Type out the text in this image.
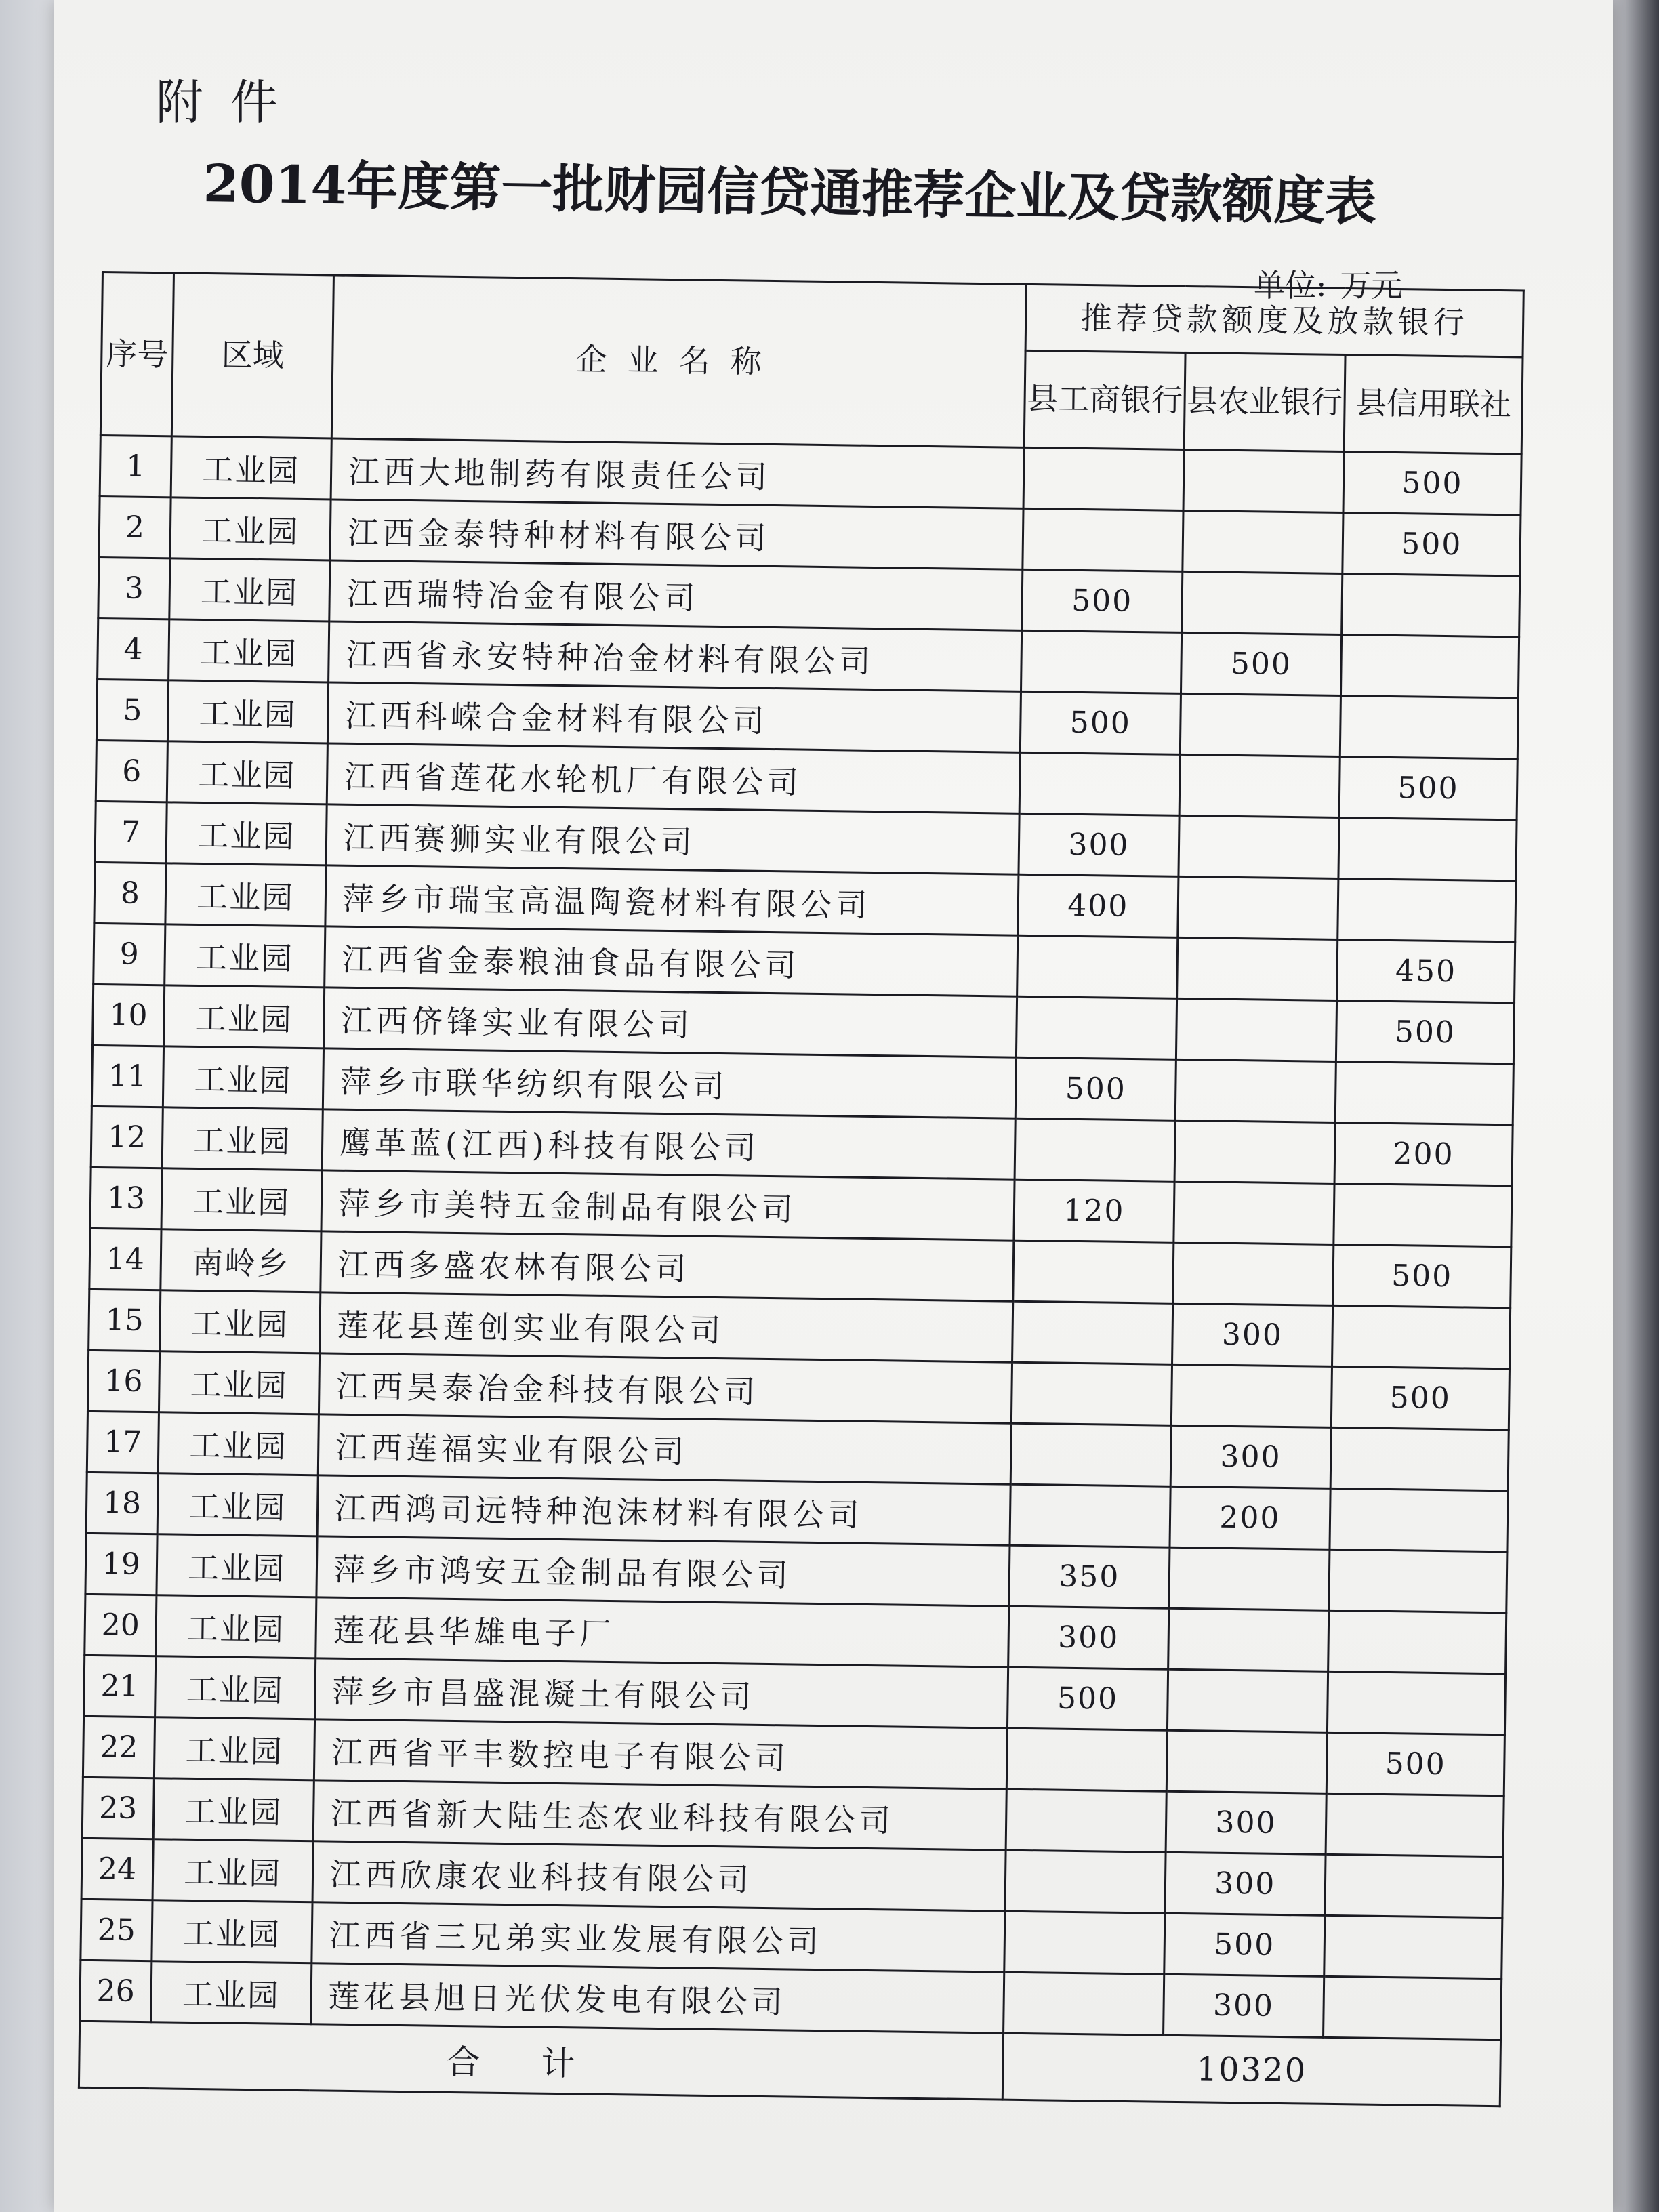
附件
2014年度第一批财园信贷通推荐企业及贷款额度表
单位: 万元
序号	区域	企业名称	推荐贷款额度及放款银行		
			县工商银行	县农业银行	县信用联社
1	工业园	江西大地制药有限责任公司			500
2	工业园	江西金泰特种材料有限公司			500
3	工业园	江西瑞特冶金有限公司	500		
4	工业园	江西省永安特种冶金材料有限公司		500	
5	工业园	江西科嵘合金材料有限公司	500		
6	工业园	江西省莲花水轮机厂有限公司			500
7	工业园	江西赛狮实业有限公司	300		
8	工业园	萍乡市瑞宝高温陶瓷材料有限公司	400		
9	工业园	江西省金泰粮油食品有限公司			450
10	工业园	江西侪锋实业有限公司			500
11	工业园	萍乡市联华纺织有限公司	500		
12	工业园	鹰革蓝(江西)科技有限公司			200
13	工业园	萍乡市美特五金制品有限公司	120		
14	南岭乡	江西多盛农林有限公司			500
15	工业园	莲花县莲创实业有限公司		300	
16	工业园	江西昊泰冶金科技有限公司			500
17	工业园	江西莲福实业有限公司		300	
18	工业园	江西鸿司远特种泡沫材料有限公司		200	
19	工业园	萍乡市鸿安五金制品有限公司	350		
20	工业园	莲花县华雄电子厂	300		
21	工业园	萍乡市昌盛混凝土有限公司	500		
22	工业园	江西省平丰数控电子有限公司			500
23	工业园	江西省新大陆生态农业科技有限公司		300	
24	工业园	江西欣康农业科技有限公司		300	
25	工业园	江西省三兄弟实业发展有限公司		500	
26	工业园	莲花县旭日光伏发电有限公司		300	
合计			10320		
